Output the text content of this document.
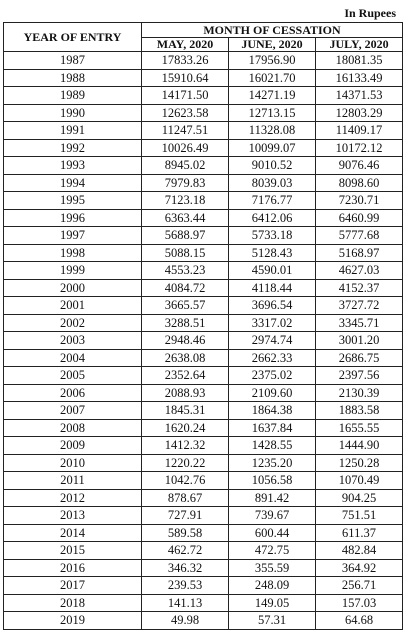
In Rupees
YEAR OF ENTRY	MONTH OF CESSATION		
	MAY, 2020	JUNE, 2020	JULY, 2020
1987	17833.26	17956.90	18081.35
1988	15910.64	16021.70	16133.49
1989	14171.50	14271.19	14371.53
1990	12623.58	12713.15	12803.29
1991	11247.51	11328.08	11409.17
1992	10026.49	10099.07	10172.12
1993	8945.02	9010.52	9076.46
1994	7979.83	8039.03	8098.60
1995	7123.18	7176.77	7230.71
1996	6363.44	6412.06	6460.99
1997	5688.97	5733.18	5777.68
1998	5088.15	5128.43	5168.97
1999	4553.23	4590.01	4627.03
2000	4084.72	4118.44	4152.37
2001	3665.57	3696.54	3727.72
2002	3288.51	3317.02	3345.71
2003	2948.46	2974.74	3001.20
2004	2638.08	2662.33	2686.75
2005	2352.64	2375.02	2397.56
2006	2088.93	2109.60	2130.39
2007	1845.31	1864.38	1883.58
2008	1620.24	1637.84	1655.55
2009	1412.32	1428.55	1444.90
2010	1220.22	1235.20	1250.28
2011	1042.76	1056.58	1070.49
2012	878.67	891.42	904.25
2013	727.91	739.67	751.51
2014	589.58	600.44	611.37
2015	462.72	472.75	482.84
2016	346.32	355.59	364.92
2017	239.53	248.09	256.71
2018	141.13	149.05	157.03
2019	49.98	57.31	64.68
